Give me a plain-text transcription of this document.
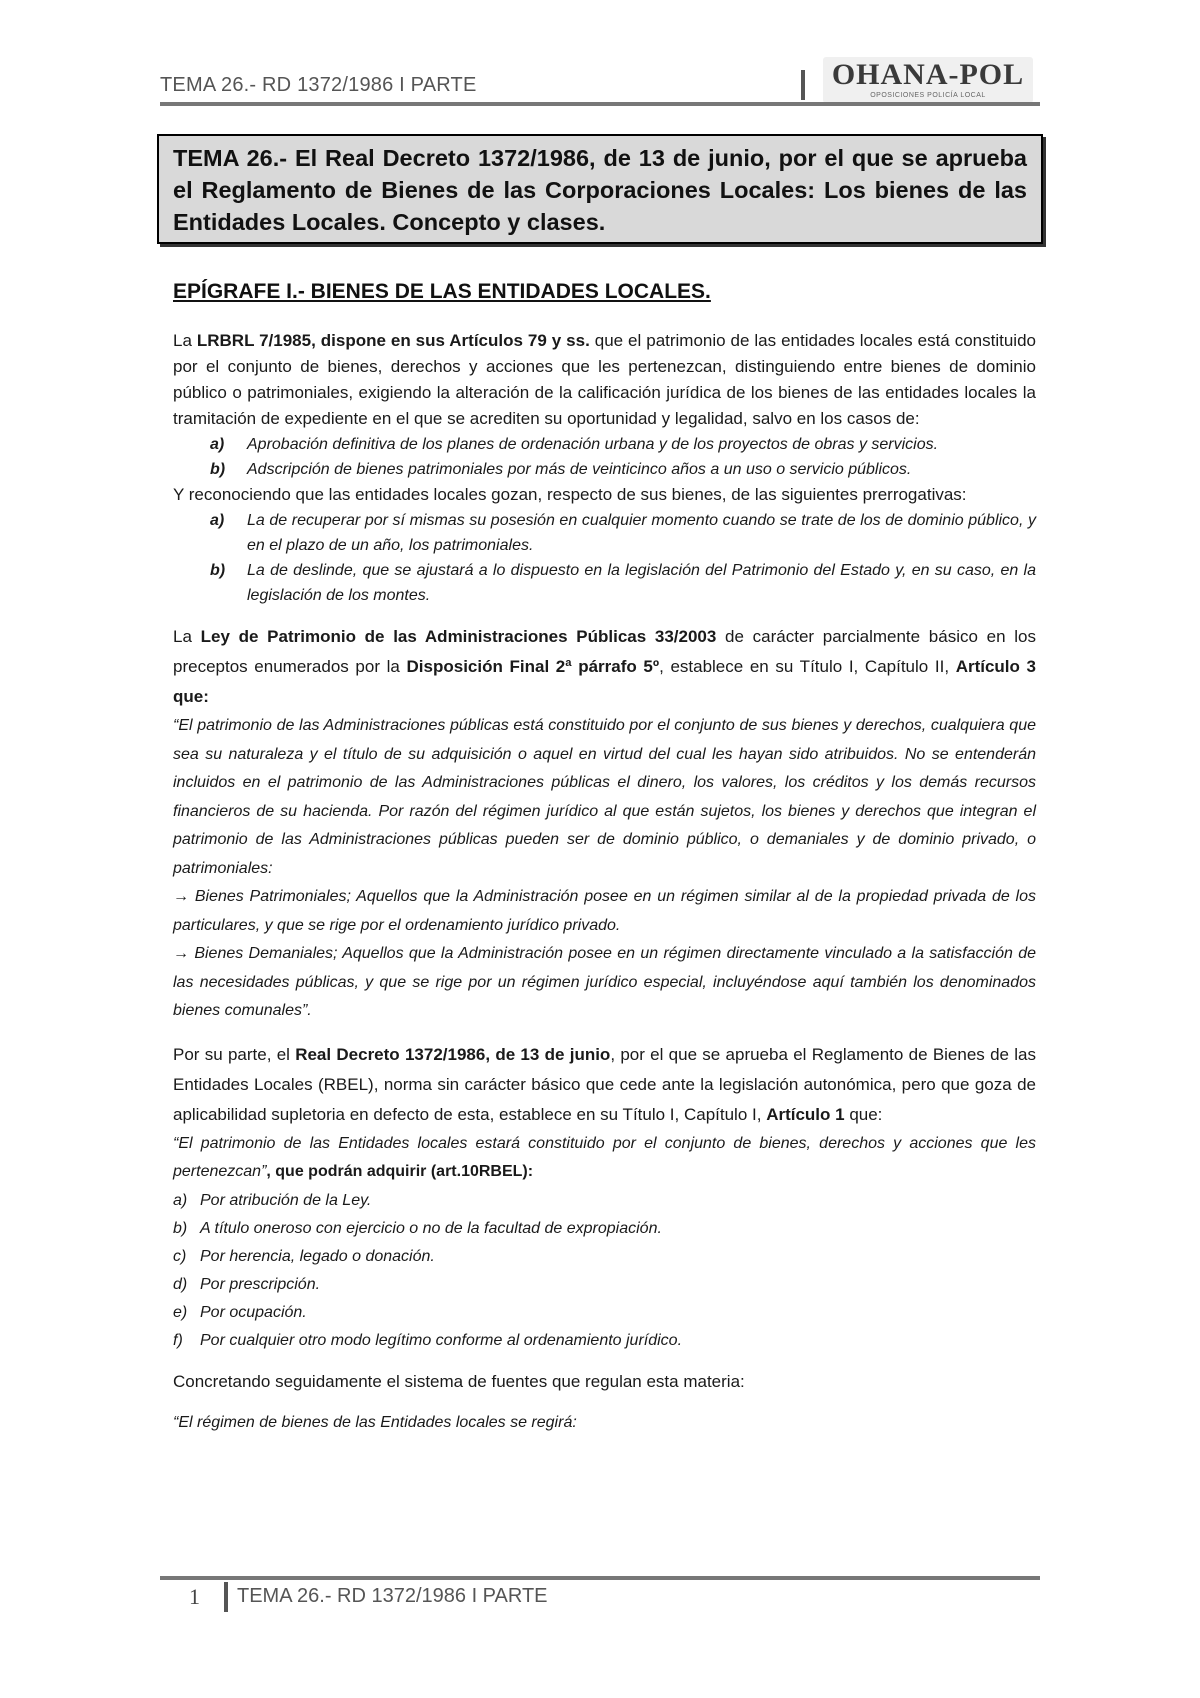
TEMA 26.- RD 1372/1986 I PARTE	OHANA-POL
OPOSICIONES POLICÍA LOCAL
TEMA 26.- El Real Decreto 1372/1986, de 13 de junio, por el que se aprueba el Reglamento de Bienes de las Corporaciones Locales: Los bienes de las Entidades Locales. Concepto y clases.
EPÍGRAFE I.- BIENES DE LAS ENTIDADES LOCALES.

La LRBRL 7/1985, dispone en sus Artículos 79 y ss. que el patrimonio de las entidades locales está constituido por el conjunto de bienes, derechos y acciones que les pertenezcan, distinguiendo entre bienes de dominio público o patrimoniales, exigiendo la alteración de la calificación jurídica de los bienes de las entidades locales la tramitación de expediente en el que se acrediten su oportunidad y legalidad, salvo en los casos de:

a) Aprobación definitiva de los planes de ordenación urbana y de los proyectos de obras y servicios.
b) Adscripción de bienes patrimoniales por más de veinticinco años a un uso o servicio públicos.

Y reconociendo que las entidades locales gozan, respecto de sus bienes, de las siguientes prerrogativas:

a) La de recuperar por sí mismas su posesión en cualquier momento cuando se trate de los de dominio público, y en el plazo de un año, los patrimoniales.
b) La de deslinde, que se ajustará a lo dispuesto en la legislación del Patrimonio del Estado y, en su caso, en la legislación de los montes.

La Ley de Patrimonio de las Administraciones Públicas 33/2003 de carácter parcialmente básico en los preceptos enumerados por la Disposición Final 2ª párrafo 5º, establece en su Título I, Capítulo II, Artículo 3 que:

“El patrimonio de las Administraciones públicas está constituido por el conjunto de sus bienes y derechos, cualquiera que sea su naturaleza y el título de su adquisición o aquel en virtud del cual les hayan sido atribuidos. No se entenderán incluidos en el patrimonio de las Administraciones públicas el dinero, los valores, los créditos y los demás recursos financieros de su hacienda. Por razón del régimen jurídico al que están sujetos, los bienes y derechos que integran el patrimonio de las Administraciones públicas pueden ser de dominio público, o demaniales y de dominio privado, o patrimoniales:

→ Bienes Patrimoniales; Aquellos que la Administración posee en un régimen similar al de la propiedad privada de los particulares, y que se rige por el ordenamiento jurídico privado.

→ Bienes Demaniales; Aquellos que la Administración posee en un régimen directamente vinculado a la satisfacción de las necesidades públicas, y que se rige por un régimen jurídico especial, incluyéndose aquí también los denominados bienes comunales”.

Por su parte, el Real Decreto 1372/1986, de 13 de junio, por el que se aprueba el Reglamento de Bienes de las Entidades Locales (RBEL), norma sin carácter básico que cede ante la legislación autonómica, pero que goza de aplicabilidad supletoria en defecto de esta, establece en su Título I, Capítulo I, Artículo 1 que:

“El patrimonio de las Entidades locales estará constituido por el conjunto de bienes, derechos y acciones que les pertenezcan”, que podrán adquirir (art.10RBEL):

a) Por atribución de la Ley.
b) A título oneroso con ejercicio o no de la facultad de expropiación.
c) Por herencia, legado o donación.
d) Por prescripción.
e) Por ocupación.
f) Por cualquier otro modo legítimo conforme al ordenamiento jurídico.

Concretando seguidamente el sistema de fuentes que regulan esta materia:

“El régimen de bienes de las Entidades locales se regirá:

1 TEMA 26.- RD 1372/1986 I PARTE
